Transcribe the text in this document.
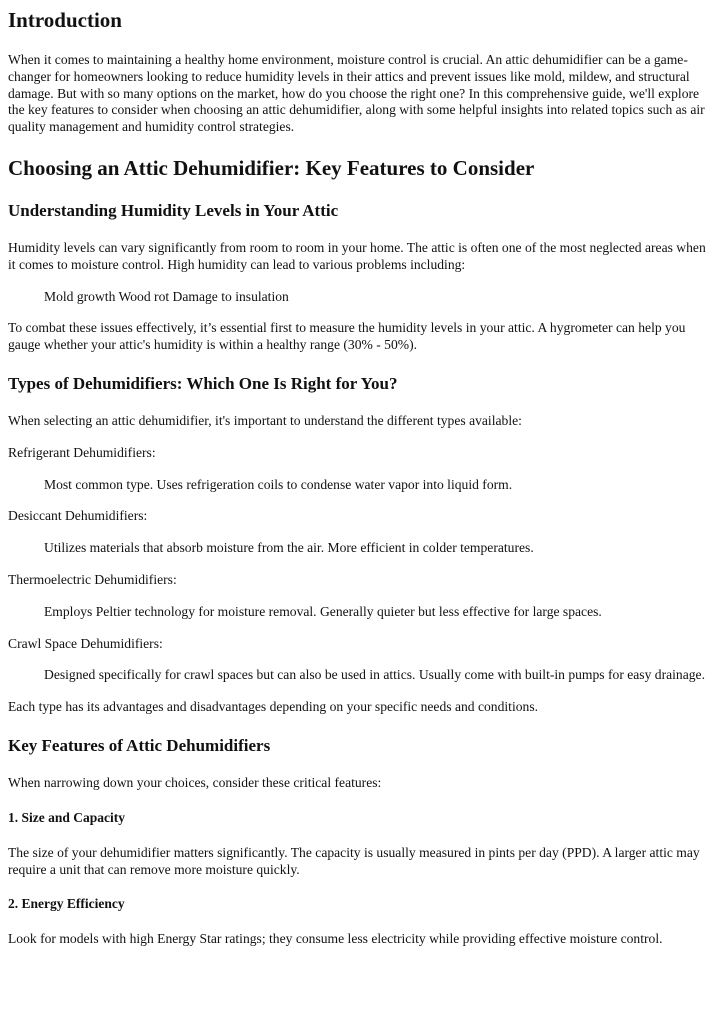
Introduction

When it comes to maintaining a healthy home environment, moisture control is crucial. An attic dehumidifier can be a game-changer for homeowners looking to reduce humidity levels in their attics and prevent issues like mold, mildew, and structural damage. But with so many options on the market, how do you choose the right one? In this comprehensive guide, we'll explore the key features to consider when choosing an attic dehumidifier, along with some helpful insights into related topics such as air quality management and humidity control strategies.

Choosing an Attic Dehumidifier: Key Features to Consider
Understanding Humidity Levels in Your Attic

Humidity levels can vary significantly from room to room in your home. The attic is often one of the most neglected areas when it comes to moisture control. High humidity can lead to various problems including:

Mold growth Wood rot Damage to insulation

To combat these issues effectively, it’s essential first to measure the humidity levels in your attic. A hygrometer can help you gauge whether your attic's humidity is within a healthy range (30% - 50%).

Types of Dehumidifiers: Which One Is Right for You?

When selecting an attic dehumidifier, it's important to understand the different types available:

Refrigerant Dehumidifiers:

Most common type. Uses refrigeration coils to condense water vapor into liquid form.

Desiccant Dehumidifiers:

Utilizes materials that absorb moisture from the air. More efficient in colder temperatures.

Thermoelectric Dehumidifiers:

Employs Peltier technology for moisture removal. Generally quieter but less effective for large spaces.

Crawl Space Dehumidifiers:

Designed specifically for crawl spaces but can also be used in attics. Usually come with built-in pumps for easy drainage.

Each type has its advantages and disadvantages depending on your specific needs and conditions.

Key Features of Attic Dehumidifiers

When narrowing down your choices, consider these critical features:

1. Size and Capacity

The size of your dehumidifier matters significantly. The capacity is usually measured in pints per day (PPD). A larger attic may require a unit that can remove more moisture quickly.

2. Energy Efficiency

Look for models with high Energy Star ratings; they consume less electricity while providing effective moisture control.
